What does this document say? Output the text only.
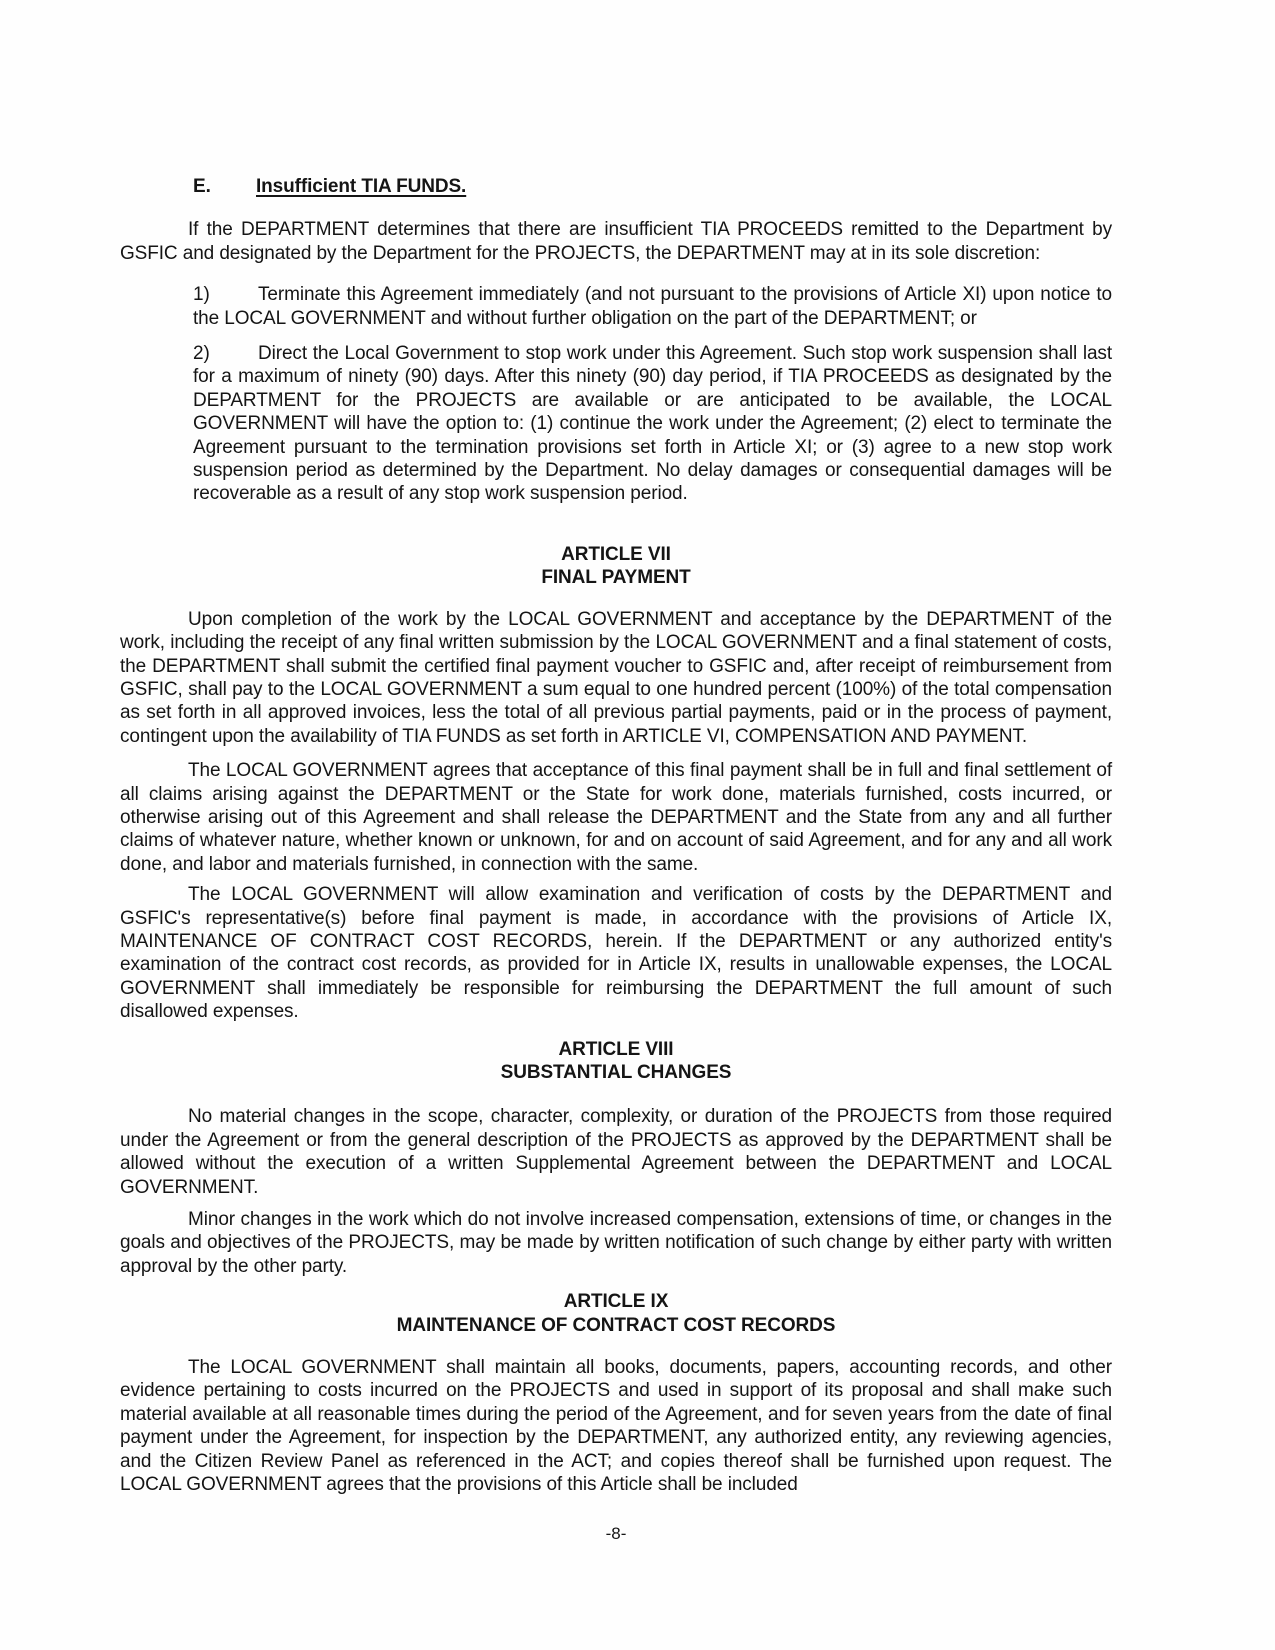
E. Insufficient TIA FUNDS.

If the DEPARTMENT determines that there are insufficient TIA PROCEEDS remitted to the Department by GSFIC and designated by the Department for the PROJECTS, the DEPARTMENT may at in its sole discretion:

1)	Terminate this Agreement immediately (and not pursuant to the provisions of Article XI) upon notice to the LOCAL GOVERNMENT and without further obligation on the part of the DEPARTMENT; or
2)	Direct the Local Government to stop work under this Agreement. Such stop work suspension shall last for a maximum of ninety (90) days. After this ninety (90) day period, if TIA PROCEEDS as designated by the DEPARTMENT for the PROJECTS are available or are anticipated to be available, the LOCAL GOVERNMENT will have the option to: (1) continue the work under the Agreement; (2) elect to terminate the Agreement pursuant to the termination provisions set forth in Article XI; or (3) agree to a new stop work suspension period as determined by the Department. No delay damages or consequential damages will be recoverable as a result of any stop work suspension period.
ARTICLE VII
FINAL PAYMENT

Upon completion of the work by the LOCAL GOVERNMENT and acceptance by the DEPARTMENT of the work, including the receipt of any final written submission by the LOCAL GOVERNMENT and a final statement of costs, the DEPARTMENT shall submit the certified final payment voucher to GSFIC and, after receipt of reimbursement from GSFIC, shall pay to the LOCAL GOVERNMENT a sum equal to one hundred percent (100%) of the total compensation as set forth in all approved invoices, less the total of all previous partial payments, paid or in the process of payment, contingent upon the availability of TIA FUNDS as set forth in ARTICLE VI, COMPENSATION AND PAYMENT.

The LOCAL GOVERNMENT agrees that acceptance of this final payment shall be in full and final settlement of all claims arising against the DEPARTMENT or the State for work done, materials furnished, costs incurred, or otherwise arising out of this Agreement and shall release the DEPARTMENT and the State from any and all further claims of whatever nature, whether known or unknown, for and on account of said Agreement, and for any and all work done, and labor and materials furnished, in connection with the same.

The LOCAL GOVERNMENT will allow examination and verification of costs by the DEPARTMENT and GSFIC's representative(s) before final payment is made, in accordance with the provisions of Article IX, MAINTENANCE OF CONTRACT COST RECORDS, herein. If the DEPARTMENT or any authorized entity's examination of the contract cost records, as provided for in Article IX, results in unallowable expenses, the LOCAL GOVERNMENT shall immediately be responsible for reimbursing the DEPARTMENT the full amount of such disallowed expenses.

ARTICLE VIII
SUBSTANTIAL CHANGES

No material changes in the scope, character, complexity, or duration of the PROJECTS from those required under the Agreement or from the general description of the PROJECTS as approved by the DEPARTMENT shall be allowed without the execution of a written Supplemental Agreement between the DEPARTMENT and LOCAL GOVERNMENT.

Minor changes in the work which do not involve increased compensation, extensions of time, or changes in the goals and objectives of the PROJECTS, may be made by written notification of such change by either party with written approval by the other party.

ARTICLE IX
MAINTENANCE OF CONTRACT COST RECORDS

The LOCAL GOVERNMENT shall maintain all books, documents, papers, accounting records, and other evidence pertaining to costs incurred on the PROJECTS and used in support of its proposal and shall make such material available at all reasonable times during the period of the Agreement, and for seven years from the date of final payment under the Agreement, for inspection by the DEPARTMENT, any authorized entity, any reviewing agencies, and the Citizen Review Panel as referenced in the ACT; and copies thereof shall be furnished upon request. The LOCAL GOVERNMENT agrees that the provisions of this Article shall be included

-8-
